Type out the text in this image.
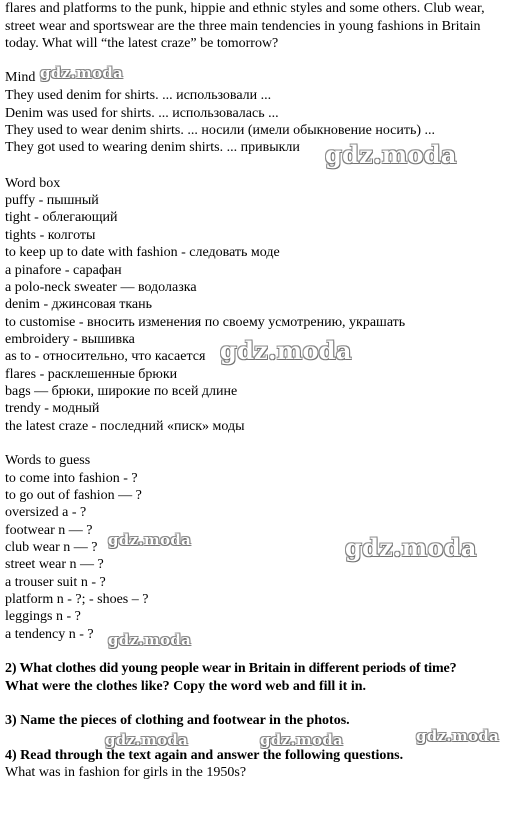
flares and platforms to the punk, hippie and ethnic styles and some others. Club wear, street wear and sportswear are the three main tendencies in young fashions in Britain today. What will “the latest craze” be tomorrow?
Mind
They used denim for shirts. ... использовали ...
Denim was used for shirts. ... использовалась ...
They used to wear denim shirts. ... носили (имели обыкновение носить) ...
They got used to wearing denim shirts. ... привыкли
Word box
puffy - пышный
tight - облегающий
tights - колготы
to keep up to date with fashion - следовать моде
a pinafore - сарафан
a polo-neck sweater — водолазка
denim - джинсовая ткань
to customise - вносить изменения по своему усмотрению, украшать
embroidery - вышивка
as to - относительно, что касается
flares - расклешенные брюки
bags — брюки, широкие по всей длине
trendy - модный
the latest craze - последний «писк» моды
Words to guess
to come into fashion - ?
to go out of fashion — ?
oversized a - ?
footwear n — ?
club wear n — ?
street wear n — ?
a trouser suit n - ?
platform n - ?; - shoes – ?
leggings n - ?
a tendency n - ?
2) What clothes did young people wear in Britain in different periods of time?
What were the clothes like? Copy the word web and fill it in.
3) Name the pieces of clothing and footwear in the photos.
4) Read through the text again and answer the following questions.
What was in fashion for girls in the 1950s?
gdz.moda
gdz.moda
gdz.moda
gdz.moda	gdz.moda
gdz.moda
gdz.moda	gdz.moda	gdz.moda
